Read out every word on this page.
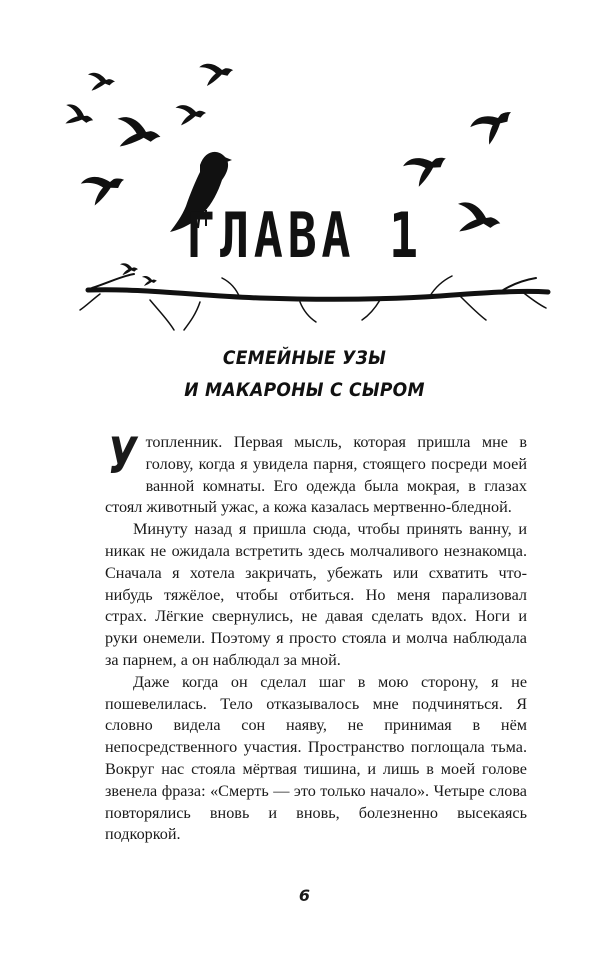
ГЛАВА 1
СЕМЕЙНЫЕ УЗЫ
И МАКАРОНЫ С СЫРОМ

Утопленник. Первая мысль, которая пришла мне в голову, когда я увидела парня, стоящего посреди моей ванной комнаты. Его одежда была мокрая, в глазах стоял животный ужас, а кожа казалась мертвенно-бледной.

Минуту назад я пришла сюда, чтобы принять ванну, и никак не ожидала встретить здесь молчаливого незнакомца. Сначала я хотела закричать, убежать или схватить что-нибудь тяжёлое, чтобы отбиться. Но меня парализовал страх. Лёгкие свернулись, не давая сделать вдох. Ноги и руки онемели. Поэтому я просто стояла и молча наблюдала за парнем, а он наблюдал за мной.

Даже когда он сделал шаг в мою сторону, я не пошевелилась. Тело отказывалось мне подчиняться. Я словно видела сон наяву, не принимая в нём непосредственного участия. Пространство поглощала тьма. Вокруг нас стояла мёртвая тишина, и лишь в моей голове звенела фраза: «Смерть — это только начало». Четыре слова повторялись вновь и вновь, болезненно высекаясь подкоркой.

6
